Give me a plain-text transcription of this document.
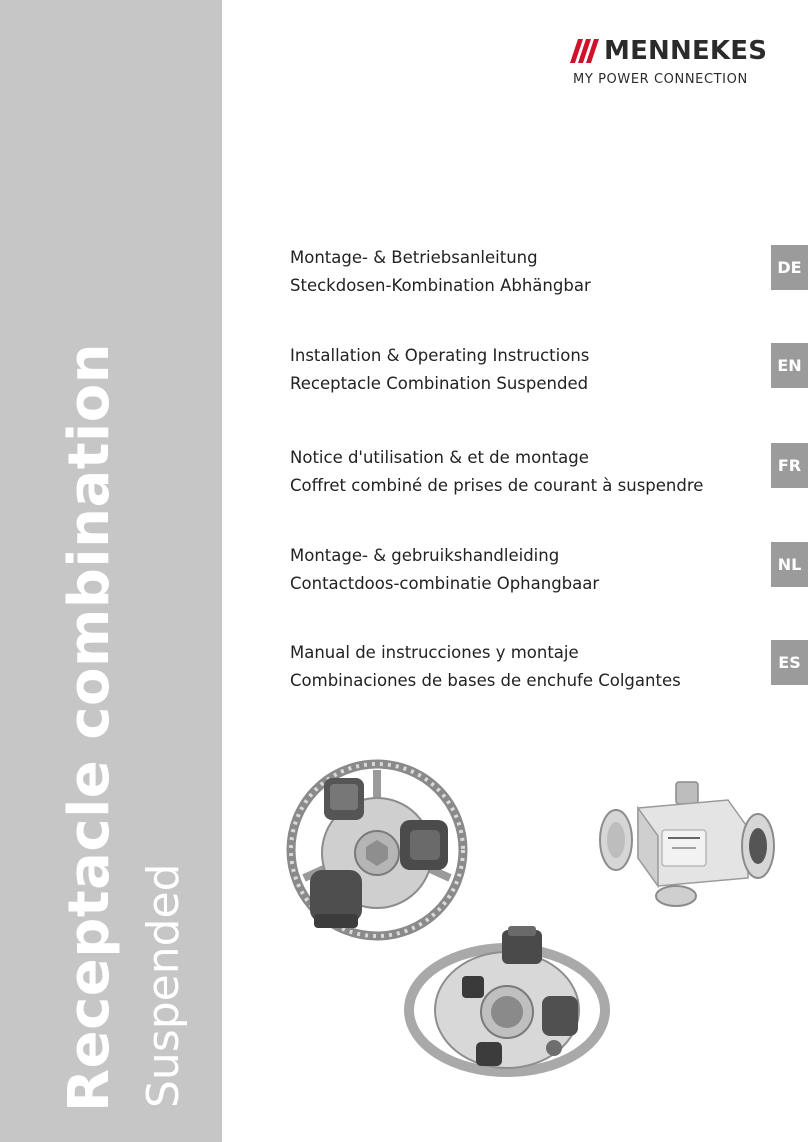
Receptacle combination Suspended
MENNEKES
MY POWER CONNECTION
Montage- & Betriebsanleitung
Steckdosen-Kombination Abhängbar
DE
Installation & Operating Instructions
Receptacle Combination Suspended
EN
Notice d'utilisation & et de montage
Coffret combiné de prises de courant à suspendre
FR
Montage- & gebruikshandleiding
Contactdoos-combinatie Ophangbaar
NL
Manual de instrucciones y montaje
Combinaciones de bases de enchufe Colgantes
ES
